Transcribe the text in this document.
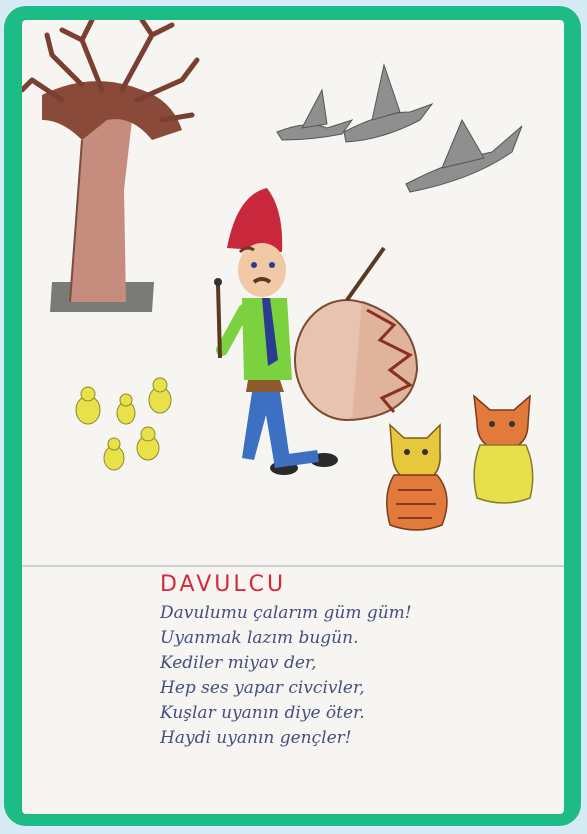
DAVULCU

Davulumu çalarım güm güm!

Uyanmak lazım bugün.

Kediler miyav der,

Hep ses yapar civcivler,

Kuşlar uyanın diye öter.

Haydi uyanın gençler!
